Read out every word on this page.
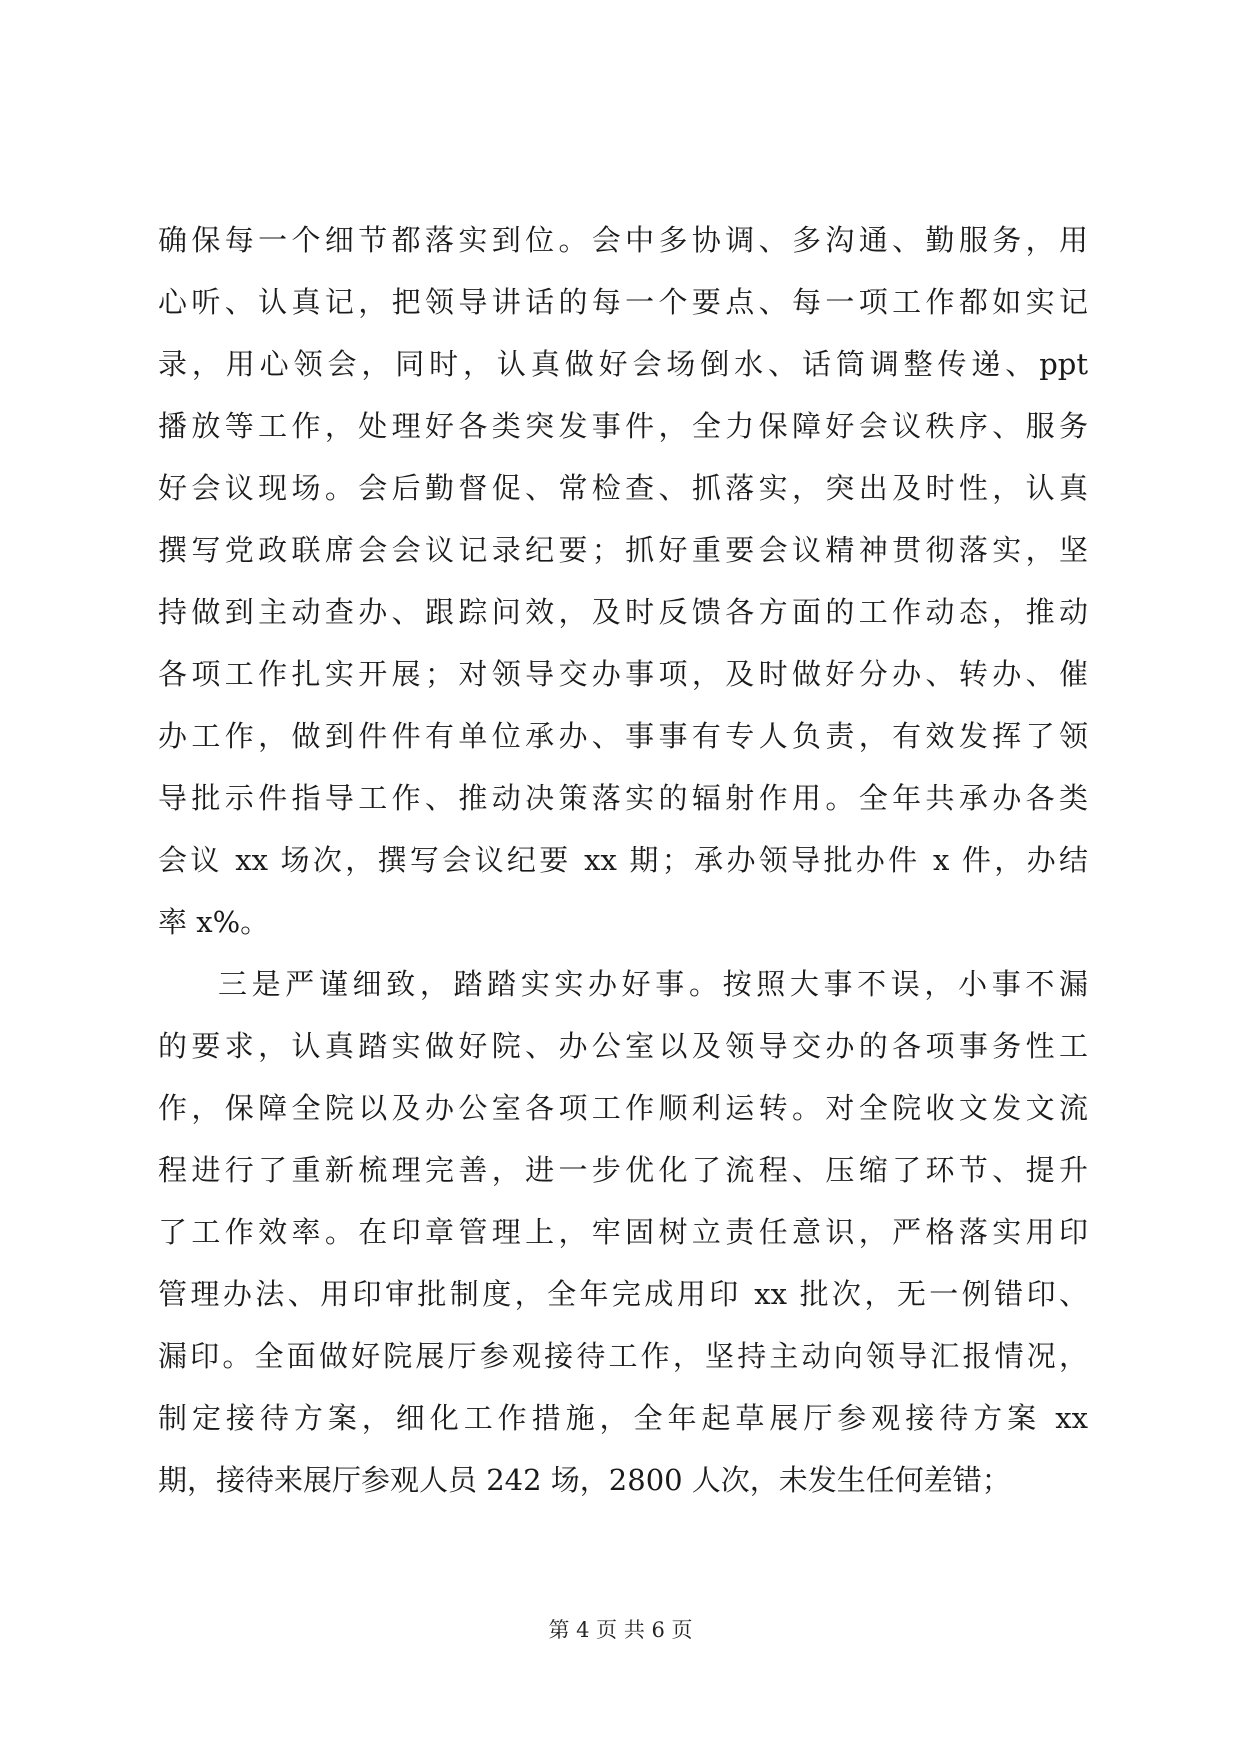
确保每一个细节都落实到位。会中多协调、多沟通、勤服务，用
心听、认真记，把领导讲话的每一个要点、每一项工作都如实记
录，用心领会，同时，认真做好会场倒水、话筒调整传递、ppt
播放等工作，处理好各类突发事件，全力保障好会议秩序、服务
好会议现场。会后勤督促、常检查、抓落实，突出及时性，认真
撰写党政联席会会议记录纪要；抓好重要会议精神贯彻落实，坚
持做到主动查办、跟踪问效，及时反馈各方面的工作动态，推动
各项工作扎实开展；对领导交办事项，及时做好分办、转办、催
办工作，做到件件有单位承办、事事有专人负责，有效发挥了领
导批示件指导工作、推动决策落实的辐射作用。全年共承办各类
会议 xx 场次，撰写会议纪要 xx 期；承办领导批办件 x 件，办结
率 x%。
三是严谨细致，踏踏实实办好事。按照大事不误，小事不漏
的要求，认真踏实做好院、办公室以及领导交办的各项事务性工
作，保障全院以及办公室各项工作顺利运转。对全院收文发文流
程进行了重新梳理完善，进一步优化了流程、压缩了环节、提升
了工作效率。在印章管理上，牢固树立责任意识，严格落实用印
管理办法、用印审批制度，全年完成用印 xx 批次，无一例错印、
漏印。全面做好院展厅参观接待工作，坚持主动向领导汇报情况，
制定接待方案，细化工作措施，全年起草展厅参观接待方案 xx
期，接待来展厅参观人员 242 场，2800 人次，未发生任何差错；
第 4 页 共 6 页
